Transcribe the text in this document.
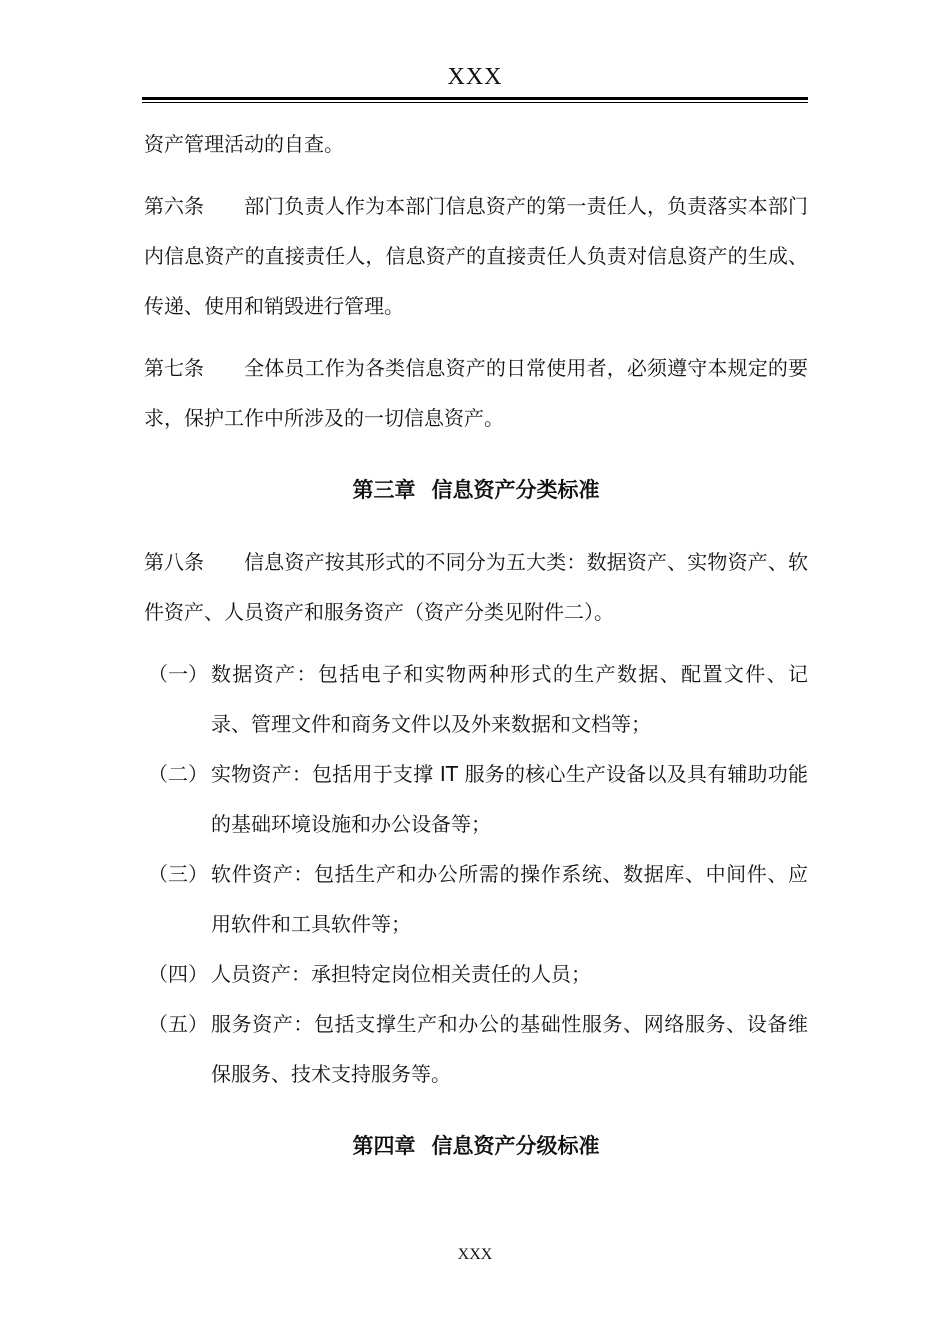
XXX

资产管理活动的自查。

第六条 部门负责人作为本部门信息资产的第一责任人，负责落实本部门内信息资产的直接责任人，信息资产的直接责任人负责对信息资产的生成、传递、使用和销毁进行管理。

第七条 全体员工作为各类信息资产的日常使用者，必须遵守本规定的要求，保护工作中所涉及的一切信息资产。

第三章 信息资产分类标准

第八条 信息资产按其形式的不同分为五大类：数据资产、实物资产、软件资产、人员资产和服务资产（资产分类见附件二）。

（一） 数据资产：包括电子和实物两种形式的生产数据、配置文件、记录、管理文件和商务文件以及外来数据和文档等；
（二） 实物资产：包括用于支撑 IT 服务的核心生产设备以及具有辅助功能的基础环境设施和办公设备等；
（三） 软件资产：包括生产和办公所需的操作系统、数据库、中间件、应用软件和工具软件等；
（四） 人员资产：承担特定岗位相关责任的人员；
（五） 服务资产：包括支撑生产和办公的基础性服务、网络服务、设备维保服务、技术支持服务等。
第四章 信息资产分级标准
XXX
